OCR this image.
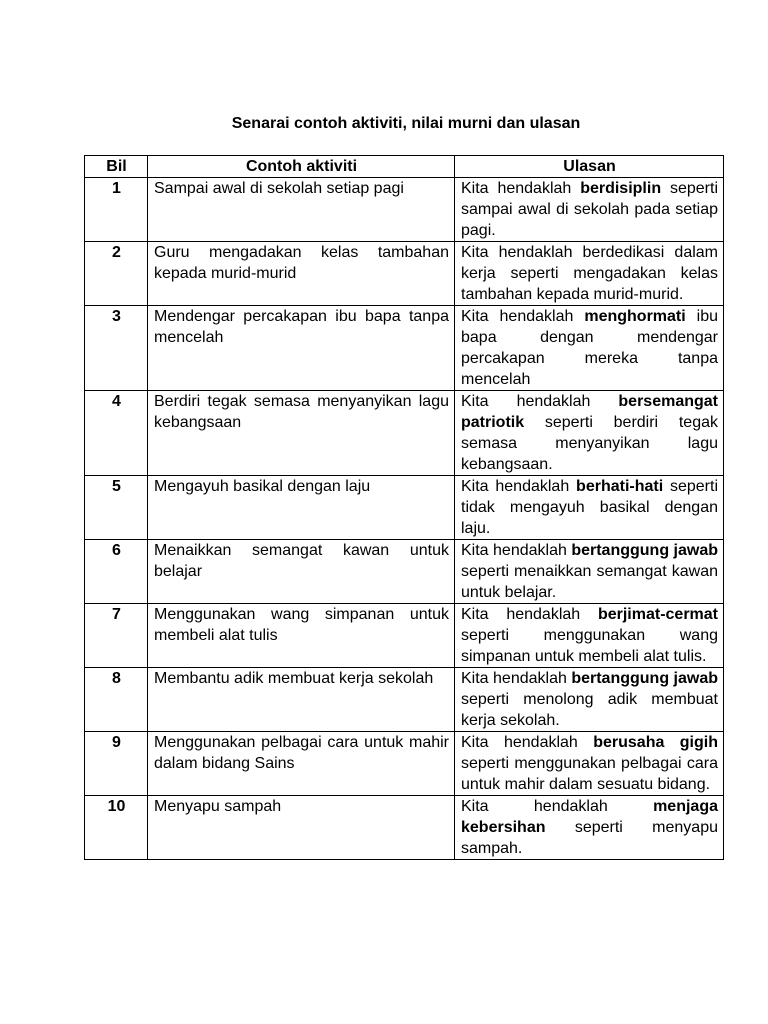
Senarai contoh aktiviti, nilai murni dan ulasan
Bil	Contoh aktiviti	Ulasan
1	Sampai awal di sekolah setiap pagi	Kita hendaklah berdisiplin seperti sampai awal di sekolah pada setiap pagi.
2	Guru mengadakan kelas tambahan kepada murid-murid	Kita hendaklah berdedikasi dalam kerja seperti mengadakan kelas tambahan kepada murid-murid.
3	Mendengar percakapan ibu bapa tanpa mencelah	Kita hendaklah menghormati ibu bapa dengan mendengar percakapan mereka tanpa mencelah
4	Berdiri tegak semasa menyanyikan lagu kebangsaan	Kita hendaklah bersemangat patriotik seperti berdiri tegak semasa menyanyikan lagu kebangsaan.
5	Mengayuh basikal dengan laju	Kita hendaklah berhati-hati seperti tidak mengayuh basikal dengan laju.
6	Menaikkan semangat kawan untuk belajar	Kita hendaklah bertanggung jawab seperti menaikkan semangat kawan untuk belajar.
7	Menggunakan wang simpanan untuk membeli alat tulis	Kita hendaklah berjimat-cermat seperti menggunakan wang simpanan untuk membeli alat tulis.
8	Membantu adik membuat kerja sekolah	Kita hendaklah bertanggung jawab seperti menolong adik membuat kerja sekolah.
9	Menggunakan pelbagai cara untuk mahir dalam bidang Sains	Kita hendaklah berusaha gigih seperti menggunakan pelbagai cara untuk mahir dalam sesuatu bidang.
10	Menyapu sampah	Kita hendaklah menjaga kebersihan seperti menyapu sampah.
